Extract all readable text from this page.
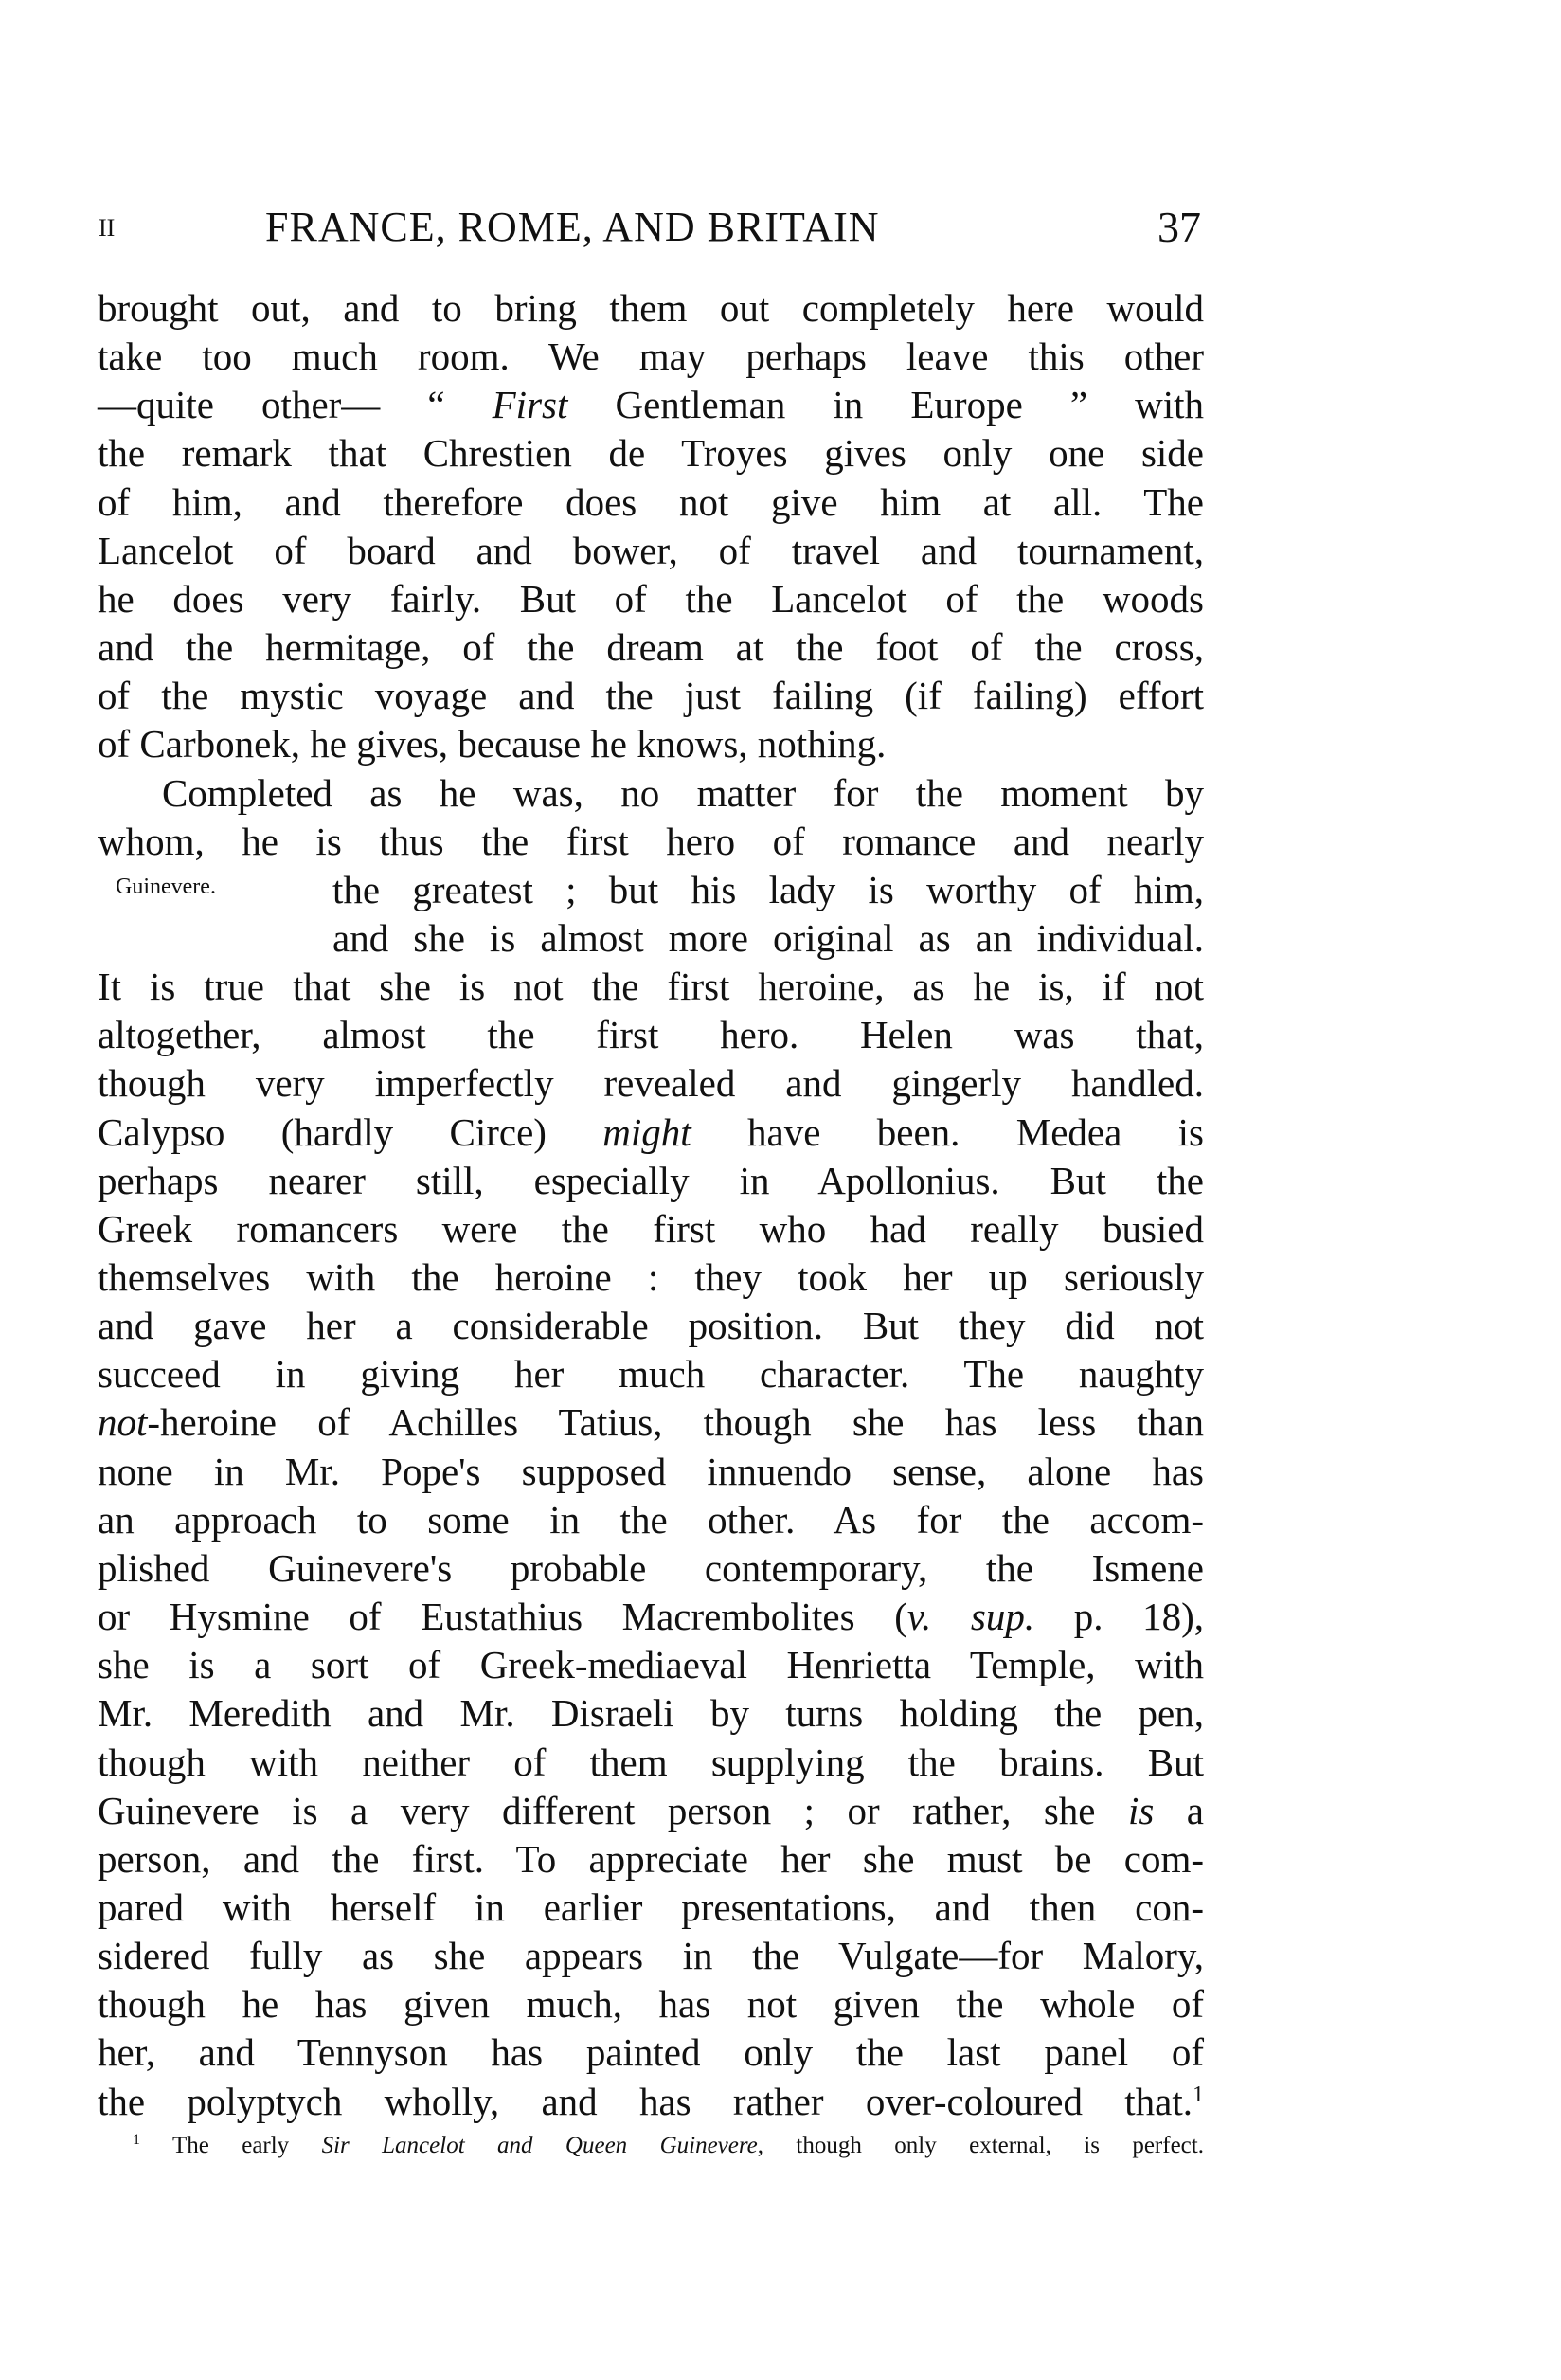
II	FRANCE, ROME, AND BRITAIN	37
Guinevere.
brought out, and to bring them out completely here would
take too much room. We may perhaps leave this other
—quite other— “ First Gentleman in Europe ” with
the remark that Chrestien de Troyes gives only one side
of him, and therefore does not give him at all. The
Lancelot of board and bower, of travel and tournament,
he does very fairly. But of the Lancelot of the woods
and the hermitage, of the dream at the foot of the cross,
of the mystic voyage and the just failing (if failing) effort
of Carbonek, he gives, because he knows, nothing.
Completed as he was, no matter for the moment by
whom, he is thus the first hero of romance and nearly
the greatest ; but his lady is worthy of him,
and she is almost more original as an individual.
It is true that she is not the first heroine, as he is, if not
altogether, almost the first hero. Helen was that,
though very imperfectly revealed and gingerly handled.
Calypso (hardly Circe) might have been. Medea is
perhaps nearer still, especially in Apollonius. But the
Greek romancers were the first who had really busied
themselves with the heroine : they took her up seriously
and gave her a considerable position. But they did not
succeed in giving her much character. The naughty
not-heroine of Achilles Tatius, though she has less than
none in Mr. Pope's supposed innuendo sense, alone has
an approach to some in the other. As for the accom-
plished Guinevere's probable contemporary, the Ismene
or Hysmine of Eustathius Macrembolites (v. sup. p. 18),
she is a sort of Greek-mediaeval Henrietta Temple, with
Mr. Meredith and Mr. Disraeli by turns holding the pen,
though with neither of them supplying the brains. But
Guinevere is a very different person ; or rather, she is a
person, and the first. To appreciate her she must be com-
pared with herself in earlier presentations, and then con-
sidered fully as she appears in the Vulgate—for Malory,
though he has given much, has not given the whole of
her, and Tennyson has painted only the last panel of
the polyptych wholly, and has rather over-coloured that.$^1$
$^1$ The early Sir Lancelot and Queen Guinevere, though only external, is perfect.
